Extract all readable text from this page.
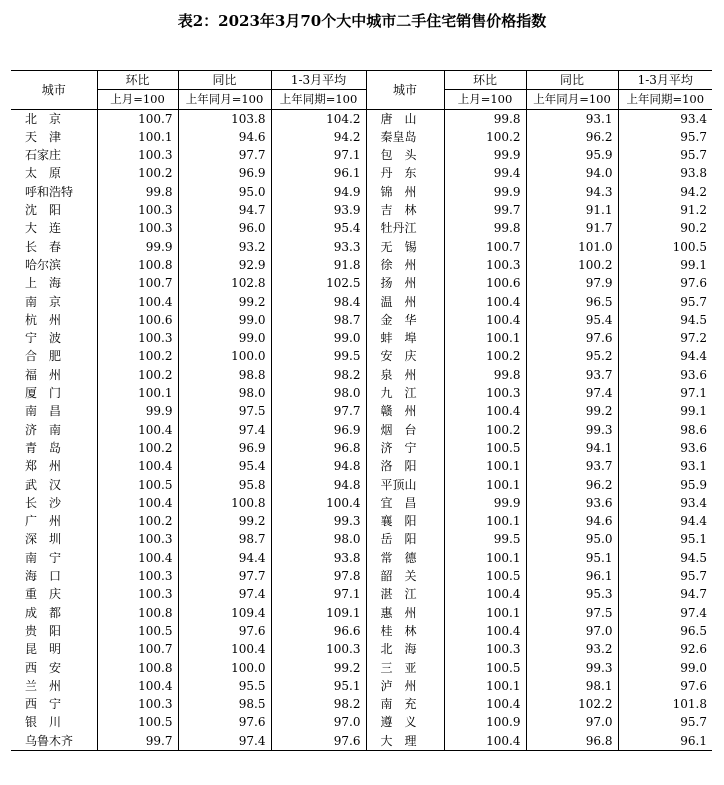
表2：2023年3月70个大中城市二手住宅销售价格指数
城市	环比	同比	1-3月平均	城市	环比	同比	1-3月平均
	上月=100	上年同月=100	上年同期=100		上月=100	上年同月=100	上年同期=100
北　京	100.7	103.8	104.2	唐　山	99.8	93.1	93.4
天　津	100.1	94.6	94.2	秦皇岛	100.2	96.2	95.7
石家庄	100.3	97.7	97.1	包　头	99.9	95.9	95.7
太　原	100.2	96.9	96.1	丹　东	99.4	94.0	93.8
呼和浩特	99.8	95.0	94.9	锦　州	99.9	94.3	94.2
沈　阳	100.3	94.7	93.9	吉　林	99.7	91.1	91.2
大　连	100.3	96.0	95.4	牡丹江	99.8	91.7	90.2
长　春	99.9	93.2	93.3	无　锡	100.7	101.0	100.5
哈尔滨	100.8	92.9	91.8	徐　州	100.3	100.2	99.1
上　海	100.7	102.8	102.5	扬　州	100.6	97.9	97.6
南　京	100.4	99.2	98.4	温　州	100.4	96.5	95.7
杭　州	100.6	99.0	98.7	金　华	100.4	95.4	94.5
宁　波	100.3	99.0	99.0	蚌　埠	100.1	97.6	97.2
合　肥	100.2	100.0	99.5	安　庆	100.2	95.2	94.4
福　州	100.2	98.8	98.2	泉　州	99.8	93.7	93.6
厦　门	100.1	98.0	98.0	九　江	100.3	97.4	97.1
南　昌	99.9	97.5	97.7	赣　州	100.4	99.2	99.1
济　南	100.4	97.4	96.9	烟　台	100.2	99.3	98.6
青　岛	100.2	96.9	96.8	济　宁	100.5	94.1	93.6
郑　州	100.4	95.4	94.8	洛　阳	100.1	93.7	93.1
武　汉	100.5	95.8	94.8	平顶山	100.1	96.2	95.9
长　沙	100.4	100.8	100.4	宜　昌	99.9	93.6	93.4
广　州	100.2	99.2	99.3	襄　阳	100.1	94.6	94.4
深　圳	100.3	98.7	98.0	岳　阳	99.5	95.0	95.1
南　宁	100.4	94.4	93.8	常　德	100.1	95.1	94.5
海　口	100.3	97.7	97.8	韶　关	100.5	96.1	95.7
重　庆	100.3	97.4	97.1	湛　江	100.4	95.3	94.7
成　都	100.8	109.4	109.1	惠　州	100.1	97.5	97.4
贵　阳	100.5	97.6	96.6	桂　林	100.4	97.0	96.5
昆　明	100.7	100.4	100.3	北　海	100.3	93.2	92.6
西　安	100.8	100.0	99.2	三　亚	100.5	99.3	99.0
兰　州	100.4	95.5	95.1	泸　州	100.1	98.1	97.6
西　宁	100.3	98.5	98.2	南　充	100.4	102.2	101.8
银　川	100.5	97.6	97.0	遵　义	100.9	97.0	95.7
乌鲁木齐	99.7	97.4	97.6	大　理	100.4	96.8	96.1
